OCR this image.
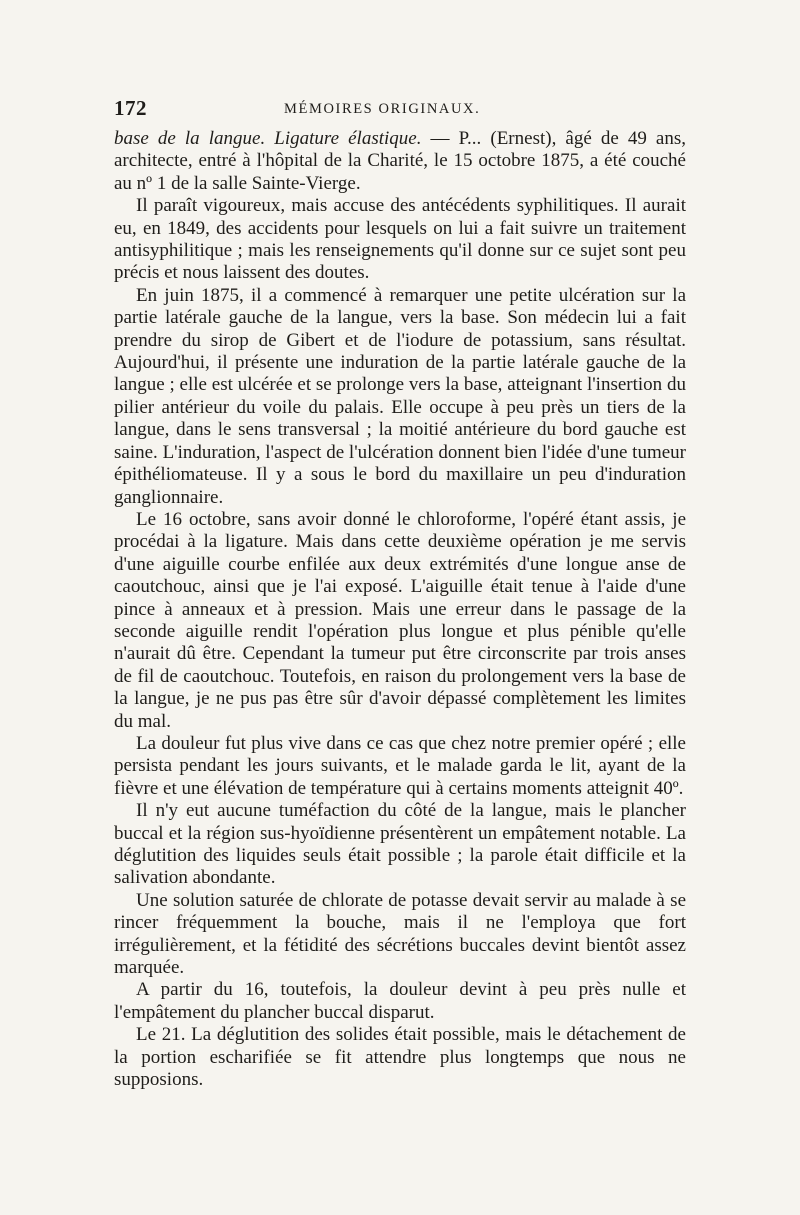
172	MÉMOIRES ORIGINAUX.

base de la langue. Ligature élastique. — P... (Ernest), âgé de 49 ans, architecte, entré à l'hôpital de la Charité, le 15 octobre 1875, a été couché au nº 1 de la salle Sainte-Vierge.

Il paraît vigoureux, mais accuse des antécédents syphilitiques. Il aurait eu, en 1849, des accidents pour lesquels on lui a fait suivre un traitement antisyphilitique ; mais les renseignements qu'il donne sur ce sujet sont peu précis et nous laissent des doutes.

En juin 1875, il a commencé à remarquer une petite ulcération sur la partie latérale gauche de la langue, vers la base. Son médecin lui a fait prendre du sirop de Gibert et de l'iodure de potassium, sans résultat. Aujourd'hui, il présente une induration de la partie latérale gauche de la langue ; elle est ulcérée et se prolonge vers la base, atteignant l'insertion du pilier antérieur du voile du palais. Elle occupe à peu près un tiers de la langue, dans le sens transversal ; la moitié antérieure du bord gauche est saine. L'induration, l'aspect de l'ulcération donnent bien l'idée d'une tumeur épithéliomateuse. Il y a sous le bord du maxillaire un peu d'induration ganglionnaire.

Le 16 octobre, sans avoir donné le chloroforme, l'opéré étant assis, je procédai à la ligature. Mais dans cette deuxième opération je me servis d'une aiguille courbe enfilée aux deux extrémités d'une longue anse de caoutchouc, ainsi que je l'ai exposé. L'aiguille était tenue à l'aide d'une pince à anneaux et à pression. Mais une erreur dans le passage de la seconde aiguille rendit l'opération plus longue et plus pénible qu'elle n'aurait dû être. Cependant la tumeur put être circonscrite par trois anses de fil de caoutchouc. Toutefois, en raison du prolongement vers la base de la langue, je ne pus pas être sûr d'avoir dépassé complètement les limites du mal.

La douleur fut plus vive dans ce cas que chez notre premier opéré ; elle persista pendant les jours suivants, et le malade garda le lit, ayant de la fièvre et une élévation de température qui à certains moments atteignit 40º.

Il n'y eut aucune tuméfaction du côté de la langue, mais le plancher buccal et la région sus-hyoïdienne présentèrent un empâtement notable. La déglutition des liquides seuls était possible ; la parole était difficile et la salivation abondante.

Une solution saturée de chlorate de potasse devait servir au malade à se rincer fréquemment la bouche, mais il ne l'employa que fort irrégulièrement, et la fétidité des sécrétions buccales devint bientôt assez marquée.

A partir du 16, toutefois, la douleur devint à peu près nulle et l'empâtement du plancher buccal disparut.

Le 21. La déglutition des solides était possible, mais le détachement de la portion escharifiée se fit attendre plus longtemps que nous ne supposions.
